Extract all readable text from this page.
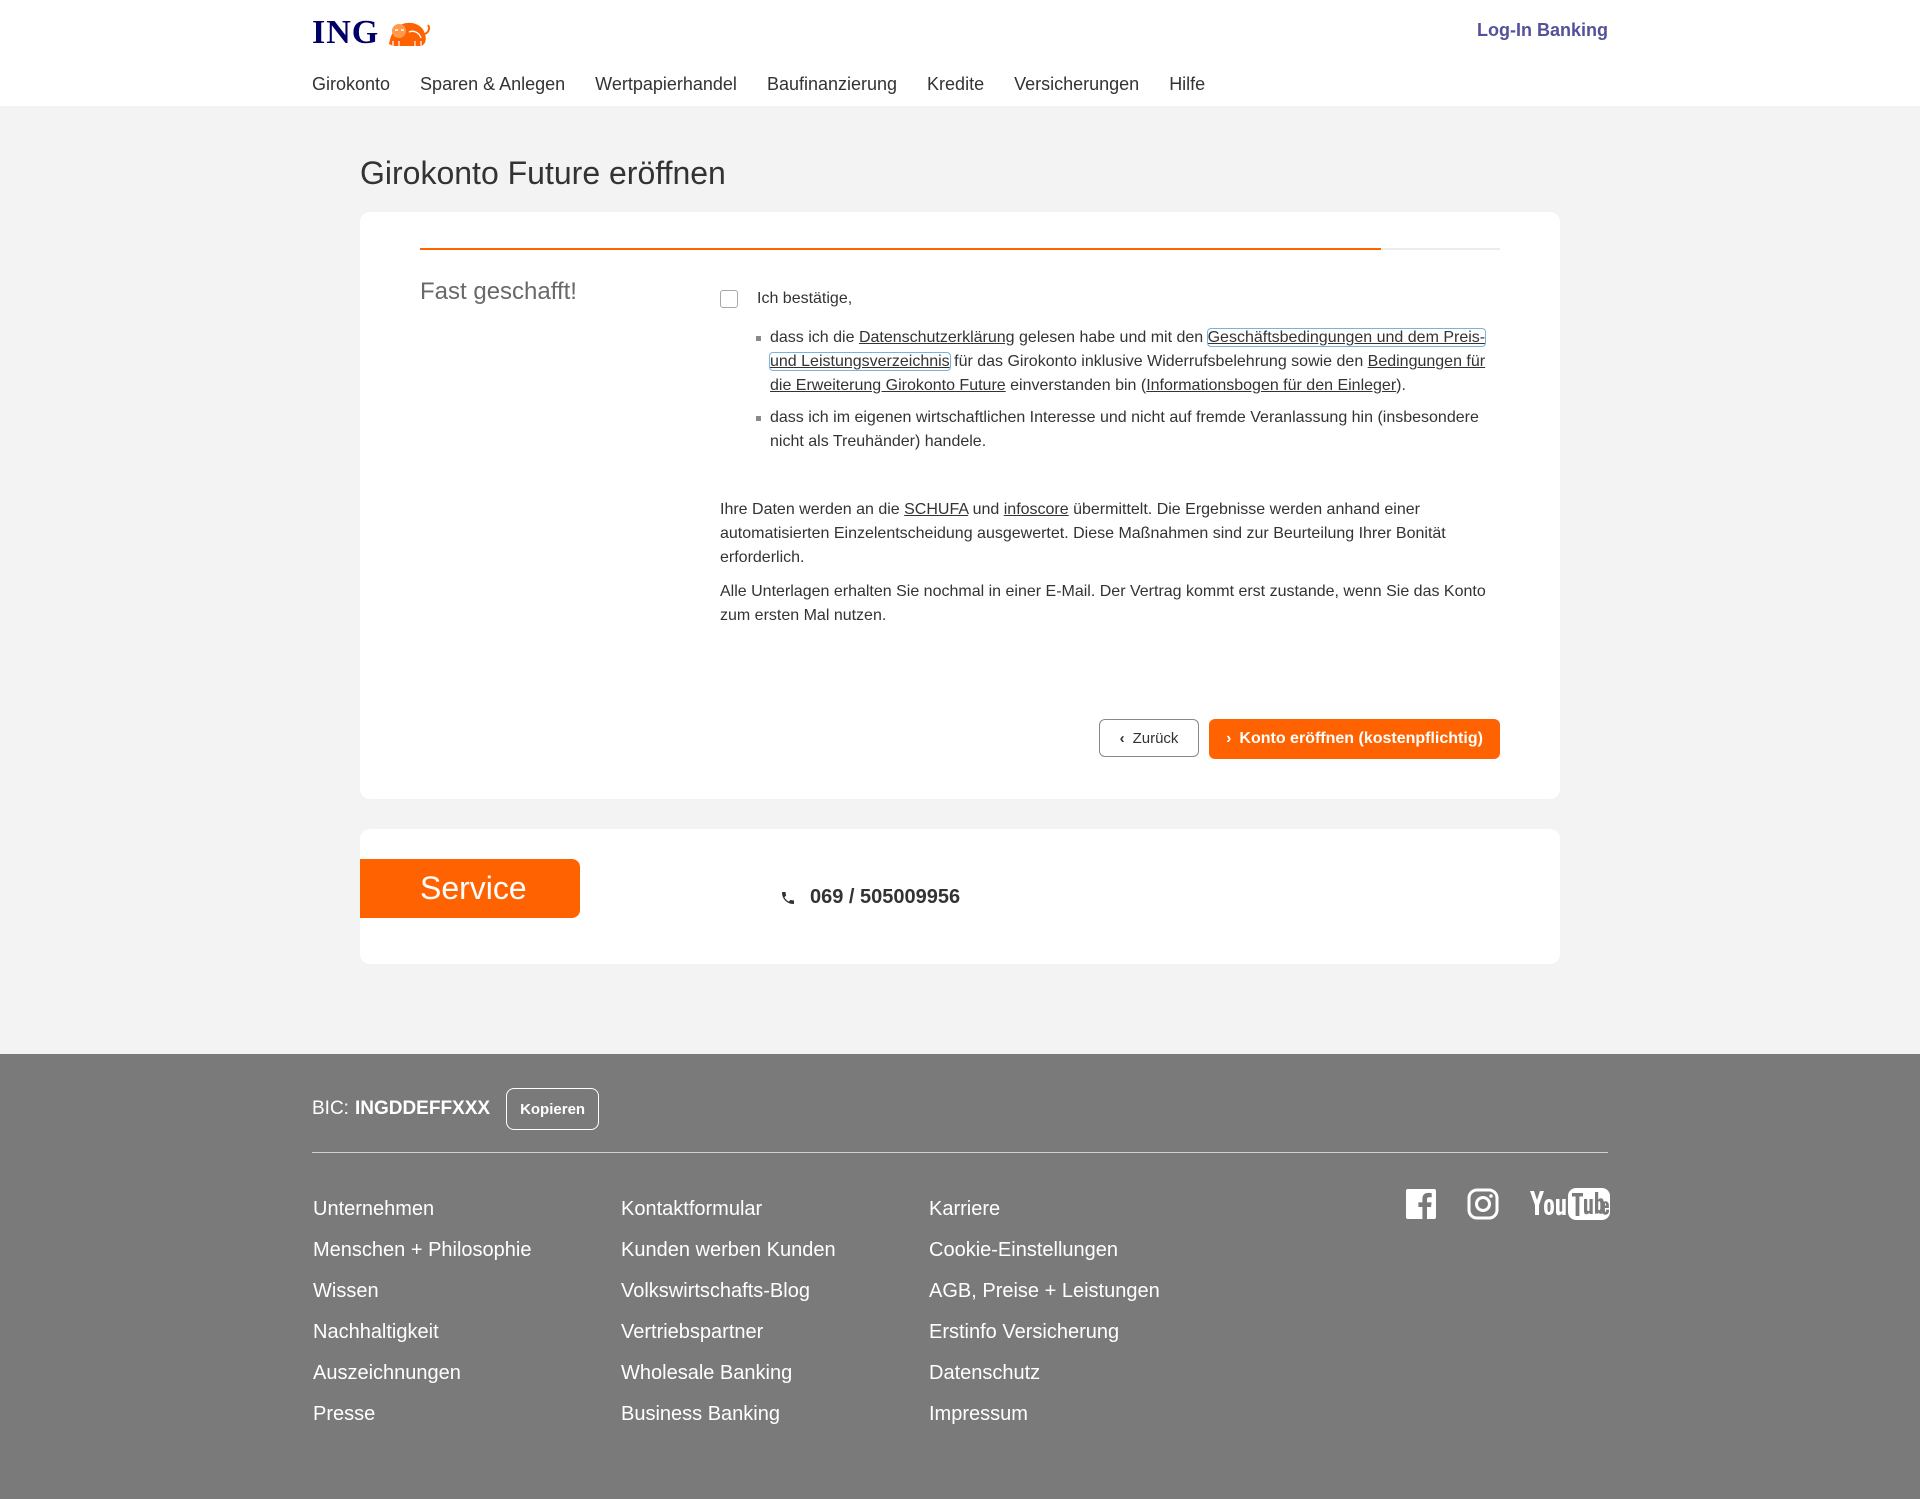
ING	Log-In Banking
Girokonto Sparen & Anlegen Wertpapierhandel Baufinanzierung Kredite Versicherungen Hilfe
Girokonto Future eröffnen
Fast geschafft!	Ich bestätige,
dass ich die Datenschutzerklärung gelesen habe und mit den Geschäftsbedingungen und dem Preis- und Leistungsverzeichnis für das Girokonto inklusive Widerrufsbelehrung sowie den Bedingungen für die Erweiterung Girokonto Future einverstanden bin (Informationsbogen für den Einleger).
dass ich im eigenen wirtschaftlichen Interesse und nicht auf fremde Veranlassung hin (insbesondere nicht als Treuhänder) handele.

Ihre Daten werden an die SCHUFA und infoscore übermittelt. Die Ergebnisse werden anhand einer automatisierten Einzelentscheidung ausgewertet. Diese Maßnahmen sind zur Beurteilung Ihrer Bonität erforderlich.

Alle Unterlagen erhalten Sie nochmal in einer E-Mail. Der Vertrag kommt erst zustande, wenn Sie das Konto zum ersten Mal nutzen.

‹ Zurück	› Konto eröffnen (kostenpflichtig)
Service	069 / 505009956
BIC: INGDDEFFXXX	Kopieren
Unternehmen
Menschen + Philosophie
Wissen
Nachhaltigkeit
Auszeichnungen
Presse
Kontaktformular
Kunden werben Kunden
Volkswirtschafts-Blog
Vertriebspartner
Wholesale Banking
Business Banking
Karriere
Cookie-Einstellungen
AGB, Preise + Leistungen
Erstinfo Versicherung
Datenschutz
Impressum
